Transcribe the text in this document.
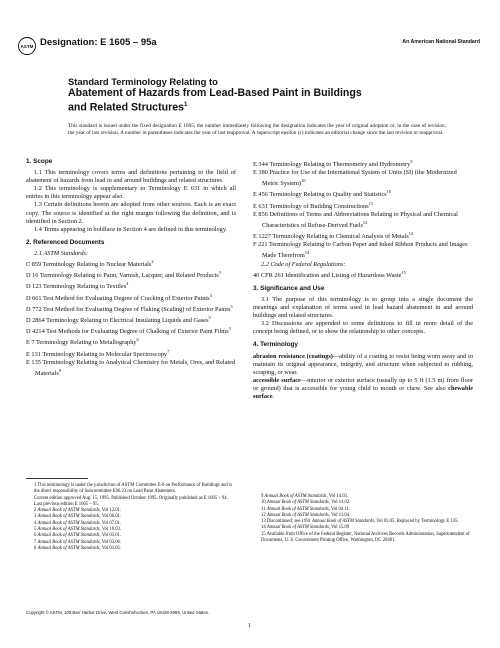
ASTM Designation: E 1605 – 95a	An American National Standard
Standard Terminology Relating to
Abatement of Hazards from Lead-Based Paint in Buildings and Related Structures$^1$
This standard is issued under the fixed designation E 1605; the number immediately following the designation indicates the year of original adoption or, in the case of revision, the year of last revision. A number in parentheses indicates the year of last reapproval. A superscript epsilon (ε) indicates an editorial change since the last revision or reapproval.
1. Scope
1.1 This terminology covers terms and definitions pertaining to the field of abatement of hazards from lead in and around buildings and related structures.
1.2 This terminology is supplementary to Terminology E 631 in which all entries in this terminology appear also.
1.3 Certain definitions herein are adopted from other sources. Each is an exact copy. The source is identified at the right margin following the definition, and is identified in Section 2.
1.4 Terms appearing in boldface in Section 4 are defined in this terminology.
2. Referenced Documents
2.1 ASTM Standards:
C 859 Terminology Relating to Nuclear Materials$^2$
D 16 Terminology Relating to Paint, Varnish, Lacquer, and Related Products$^3$
D 123 Terminology Relating to Textiles$^4$
D 661 Test Method for Evaluating Degree of Cracking of Exterior Paints$^3$
D 772 Test Method for Evaluating Degree of Flaking (Scaling) of Exterior Paints$^3$
D 2864 Terminology Relating to Electrical Insulating Liquids and Gases$^5$
D 4214 Test Methods for Evaluating Degree of Chalking of Exterior Paint Films$^3$
E 7 Terminology Relating to Metallography$^6$
E 131 Terminology Relating to Molecular Spectroscopy$^7$
E 135 Terminology Relating to Analytical Chemistry for Metals, Ores, and Related Materials$^8$
E 344 Terminology Relating to Thermometry and Hydrometry$^9$
E 380 Practice for Use of the International System of Units (SI) (the Modernized Metric System)$^{10}$
E 456 Terminology Relating to Quality and Statistics$^{10}$
E 631 Terminology of Building Constructions$^{11}$
E 856 Definitions of Terms and Abbreviations Relating to Physical and Chemical Characteristics of Refuse-Derived Fuels$^{12}$
E 1227 Terminology Relating to Chemical Analysis of Metals$^{13}$
F 221 Terminology Relating to Carbon Paper and Inked Ribbon Products and Images Made Therefrom$^{14}$
2.2 Code of Federal Regulations:
40 CFR 261 Identification and Listing of Hazardous Waste$^{15}$
3. Significance and Use
3.1 The purpose of this terminology is to group into a single document the meanings and explanation of terms used in lead hazard abatement in and around buildings and related structures.
3.2 Discussions are appended to some definitions to fill in more detail of the concept being defined, or to show the relationship to other concepts.
4. Terminology
abrasion resistance (coatings)—ability of a coating to resist being worn away and to maintain its original appearance, integrity, and structure when subjected to rubbing, scraping, or wear.
accessible surface—interior or exterior surface (usually up to 5 ft (1.5 m) from floor or ground) that is accessible for young child to mouth or chew. See also chewable surface.
1 This terminology is under the jurisdiction of ASTM Committee E-6 on Performance of Buildings and is the direct responsibility of Subcommittee E06.23 on Lead Paint Abatement.
Current edition approved Aug. 15, 1995. Published October 1995. Originally published as E 1605 – 94. Last previous edition E 1605 – 95.
2 Annual Book of ASTM Standards, Vol 12.01.
3 Annual Book of ASTM Standards, Vol 06.01.
4 Annual Book of ASTM Standards, Vol 07.01.
5 Annual Book of ASTM Standards, Vol 10.03.
6 Annual Book of ASTM Standards, Vol 03.01.
7 Annual Book of ASTM Standards, Vol 03.06.
8 Annual Book of ASTM Standards, Vol 03.05.
9 Annual Book of ASTM Standards, Vol 14.03.
10 Annual Book of ASTM Standards, Vol 14.02.
11 Annual Book of ASTM Standards, Vol 04.11.
12 Annual Book of ASTM Standards, Vol 11.04.
13 Discontinued; see 1991 Annual Book of ASTM Standards, Vol 03.05. Replaced by Terminology E 135.
14 Annual Book of ASTM Standards, Vol 15.09
15 Available from Office of the Federal Register, National Archives Records Administration, Superintendent of Documents, U. S. Government Printing Office, Washington, DC 20401.
Copyright © ASTM, 100 Barr Harbor Drive, West Conshohocken, PA 19428-2959, United States.
1
